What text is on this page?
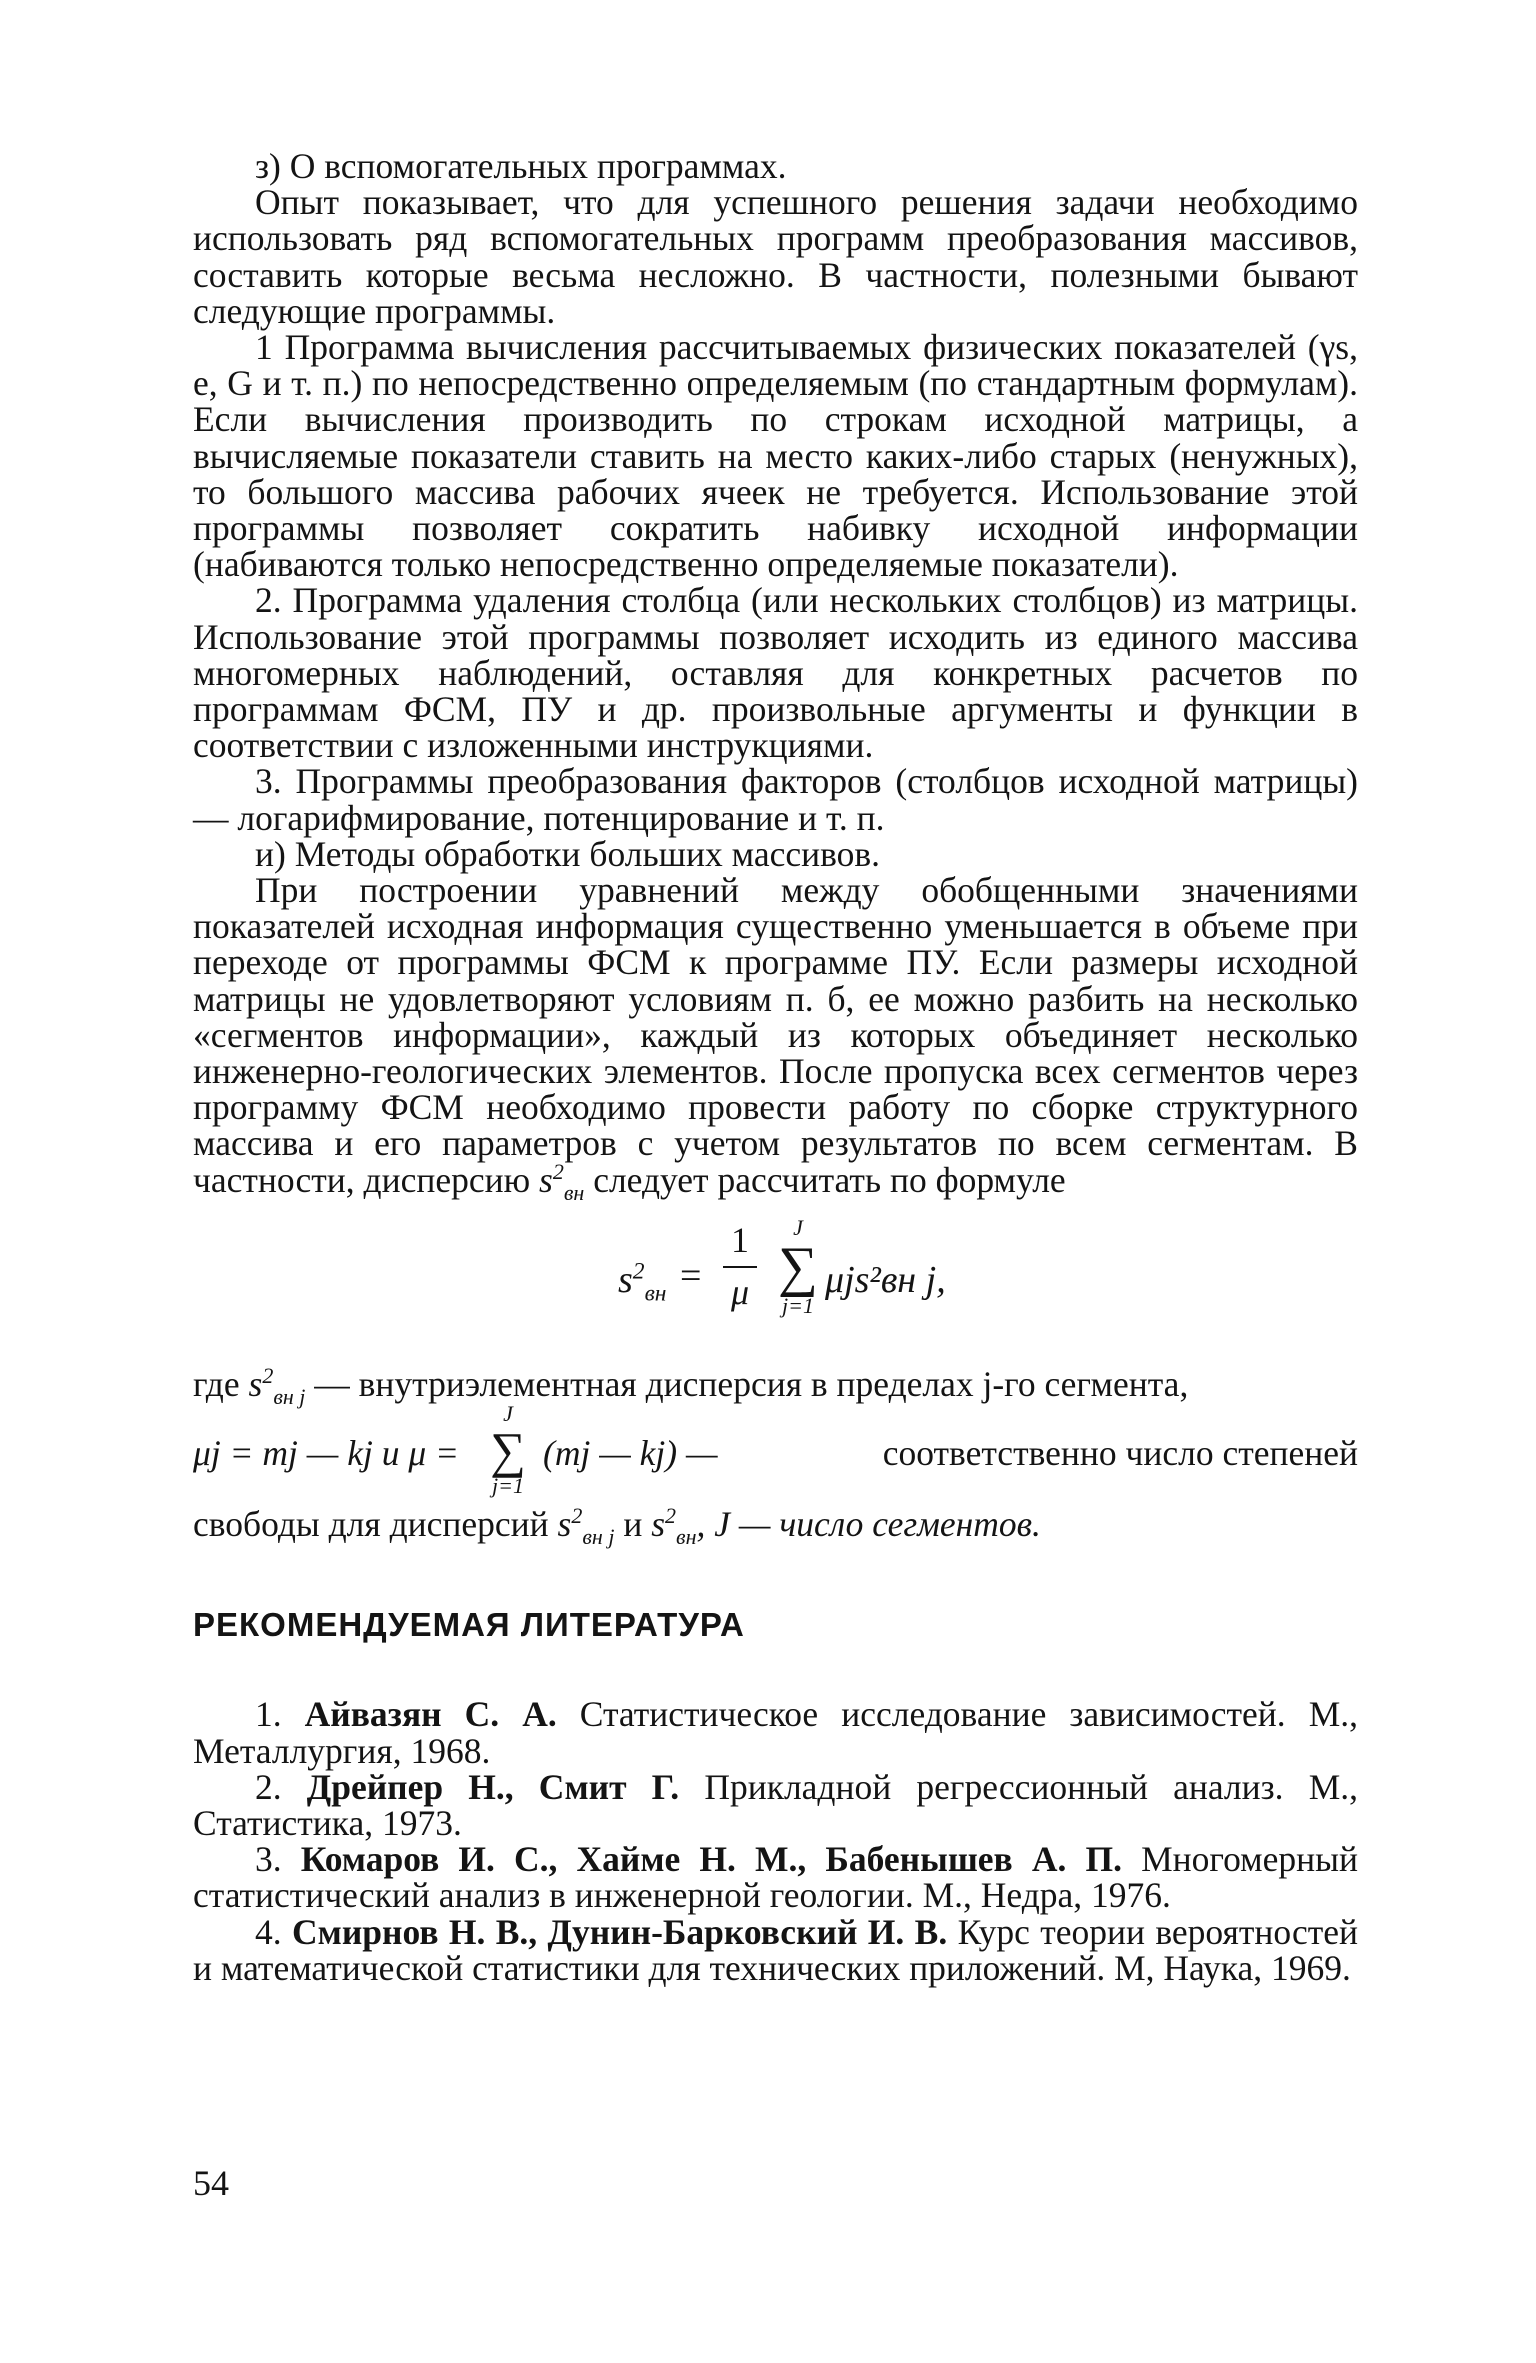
з) О вспомогательных программах.

Опыт показывает, что для успешного решения задачи необходимо использовать ряд вспомогательных программ преобразования массивов, составить которые весьма несложно. В частности, полезными бывают следующие программы.

1 Программа вычисления рассчитываемых физических показателей (γs, e, G и т. п.) по непосредственно определяемым (по стандартным формулам). Если вычисления производить по строкам исходной матрицы, а вычисляемые показатели ставить на место каких-либо старых (ненужных), то большого массива рабочих ячеек не требуется. Использование этой программы позволяет сократить набивку исходной информации (набиваются только непосредственно определяемые показатели).

2. Программа удаления столбца (или нескольких столбцов) из матрицы. Использование этой программы позволяет исходить из единого массива многомерных наблюдений, оставляя для конкретных расчетов по программам ФСМ, ПУ и др. произвольные аргументы и функции в соответствии с изложенными инструкциями.

3. Программы преобразования факторов (столбцов исходной матрицы) — логарифмирование, потенцирование и т. п.

и) Методы обработки больших массивов.

При построении уравнений между обобщенными значениями показателей исходная информация существенно уменьшается в объеме при переходе от программы ФСМ к программе ПУ. Если размеры исходной матрицы не удовлетворяют условиям п. б, ее можно разбить на несколько «сегментов информации», каждый из которых объединяет несколько инженерно-геологических элементов. После пропуска всех сегментов через программу ФСМ необходимо провести работу по сборке структурного массива и его параметров с учетом результатов по всем сегментам. В частности, дисперсию $s^2_{вн}$ следует рассчитать по формуле

$s^2_{вн}$ =
1
μ
J
∑
j=1
μjs²вн j,

где $s^2_{вн j}$ — внутриэлементная дисперсия в пределах j-го сегмента,

μj = mj — kj и μ =
J
∑
j=1
(mj — kj) —	соответственно число степеней

свободы для дисперсий $s^2_{вн j}$ и $s^2_{вн}$, J — число сегментов.

РЕКОМЕНДУЕМАЯ ЛИТЕРАТУРА

1. Айвазян С. А. Статистическое исследование зависимостей. М., Металлургия, 1968.

2. Дрейпер Н., Смит Г. Прикладной регрессионный анализ. М., Статистика, 1973.

3. Комаров И. С., Хайме Н. М., Бабенышев А. П. Многомерный статистический анализ в инженерной геологии. М., Недра, 1976.

4. Смирнов Н. В., Дунин-Барковский И. В. Курс теории вероятностей и математической статистики для технических приложений. М, Наука, 1969.

54
